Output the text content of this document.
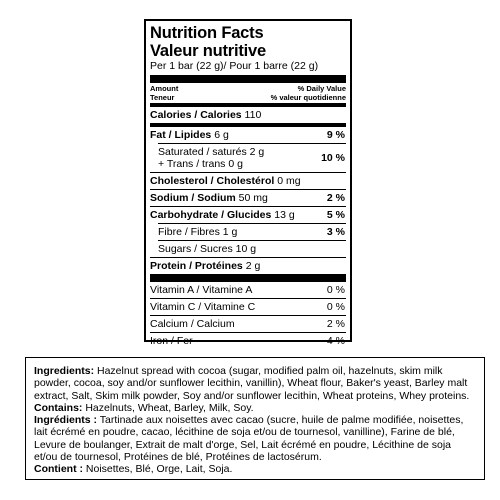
Nutrition Facts
Valeur nutritive
Per 1 bar (22 g)/ Pour 1 barre (22 g)
Amount
Teneur
% Daily Value
% valeur quotidienne
Calories / Calories 110
Fat / Lipides 6 g	9 %
Saturated / saturés 2 g
+ Trans / trans 0 g	10 %
Cholesterol / Cholestérol 0 mg
Sodium / Sodium 50 mg	2 %
Carbohydrate / Glucides 13 g	5 %
Fibre / Fibres 1 g	3 %
Sugars / Sucres 10 g
Protein / Protéines 2 g
Vitamin A / Vitamine A	0 %
Vitamin C / Vitamine C	0 %
Calcium / Calcium	2 %
Iron / Fer	4 %
Ingredients: Hazelnut spread with cocoa (sugar, modified palm oil, hazelnuts, skim milk powder, cocoa, soy and/or sunflower lecithin, vanillin), Wheat flour, Baker's yeast, Barley malt extract, Salt, Skim milk powder, Soy and/or sunflower lecithin, Wheat proteins, Whey proteins. Contains: Hazelnuts, Wheat, Barley, Milk, Soy.
Ingrédients : Tartinade aux noisettes avec cacao (sucre, huile de palme modifiée, noisettes, lait écrémé en poudre, cacao, lécithine de soja et/ou de tournesol, vanilline), Farine de blé, Levure de boulanger, Extrait de malt d'orge, Sel, Lait écrémé en poudre, Lécithine de soja et/ou de tournesol, Protéines de blé, Protéines de lactosérum.
Contient : Noisettes, Blé, Orge, Lait, Soja.
